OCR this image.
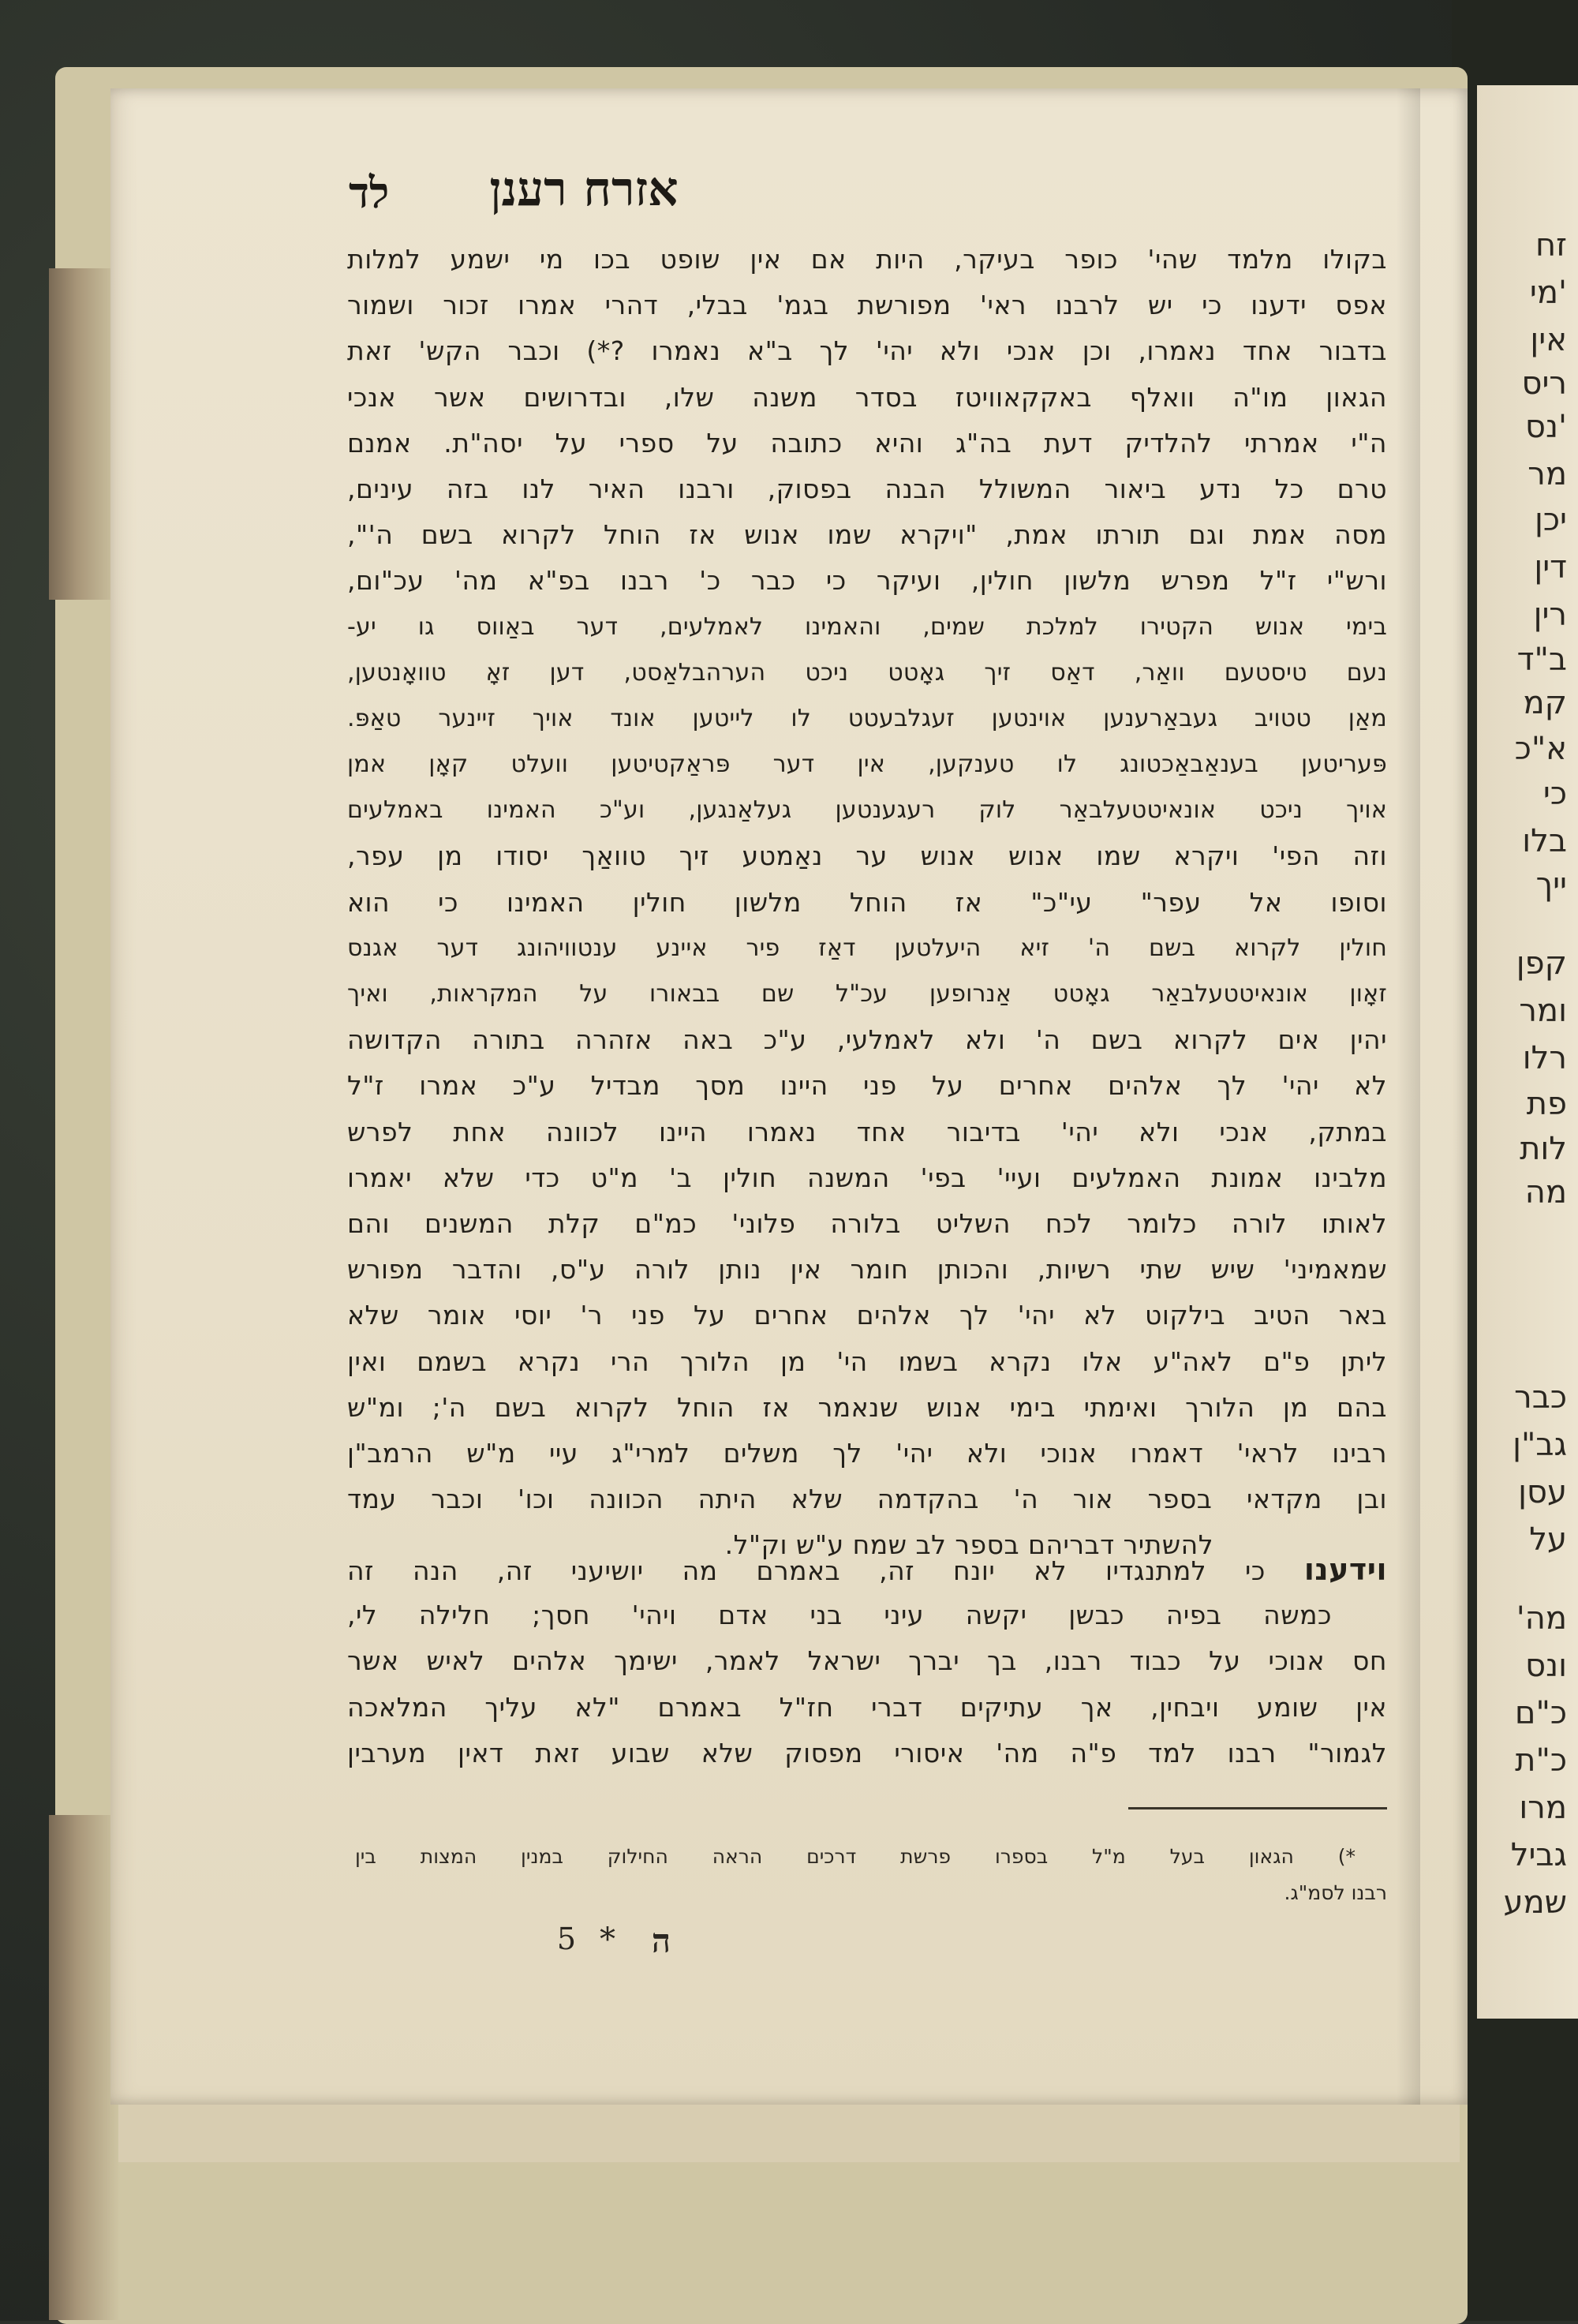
זח
'מי
אין
ריס
'נס
מר
יכן
דין
רין
ב"ד
קמ
א"כ
כי
בלו
ייך
קפן
ומר
רלו
פת
לות
מה
כבר
גב"ן
עסן
על
מה'
ונס
כ"ם
כ"ת
מרו
גביל
שמע
אזרח רענן
לד
בקולו מלמד שהי' כופר בעיקר, היות אם אין שופט בכו מי ישמע למלות
אפס ידענו כי יש לרבנו ראי' מפורשת בגמ' בבלי, דהרי אמרו זכור ושמור
בדבור אחד נאמרו, וכן אנכי ולא יהי' לך ב"א נאמרו ?*) וכבר הקש' זאת
הגאון מו"ה וואלף באקקאוויטז בסדר משנה שלו, ובדרושים אשר אנכי
ה"י אמרתי להלדיק דעת בה"ג והיא כתובה על ספרי על יסה"ת. אמנם
טרם כל נדע ביאור המשולל הבנה בפסוק, ורבנו האיר לנו בזה עינים,
מסה אמת וגם תורתו אמת, "ויקרא שמו אנוש אז הוחל לקרוא בשם ה'",
ורש"י ז"ל מפרש מלשון חולין, ועיקר כי כבר כ' רבנו בפ"א מה' עכ"ום,
בימי אנוש הקטירו למלכת שמים, והאמינו לאמלעים, דער באַווס גו יע-
נעם טיסטעם וואַר, דאַס זיך גאָטט ניכט הערהבלאַסט, דען זאָ טוואָנטען,
מאַן טטויב געבאַרענען אוינטען זעגלבעטט לו לייטען אונד אויך זיינער טאַפּ.
פּעריטען בענאַבאַכטונג לו טענקען, אין דער פּראַקטיטען וועלט קאָן אמן
אויך ניכט אונאיטטעלבאַר לוק רעגענטען געלאַנגען, וע"כ האמינו באמלעים
וזה הפי' ויקרא שמו אנוש אנוש ער נאַמטע זיך טוואַך יסודו מן עפר,
וסופו אל עפר" עי"כ" אז הוחל מלשון חולין האמינו כי הוא
חולין לקרוא בשם ה' זיא היעלטען דאַז פיר איינע ענטוויהונג דער אגנס
זאָון אונאיטטעלבאַר גאָטט אַנרופען עכ"ל שם בבאורו על המקראות, ואיך
יהין אים לקרוא בשם ה' ולא לאמלעי, ע"כ באה אזהרה בתורה הקדושה
לא יהי' לך אלהים אחרים על פני היינו מסך מבדיל ע"כ אמרו ז"ל
במתק, אנכי ולא יהי' בדיבור אחד נאמרו היינו לכוונה אחת לפרש
מלבינו אמונת האמלעים ועיי' בפי' המשנה חולין ב' מ"ט כדי שלא יאמרו
לאותו לורה כלומר לכח השליט בלורה פלוני' כמ"ם קלת המשנים והם
שמאמיני' שיש שתי רשיות, והכותן חומר אין נותן לורה ע"ס, והדבר מפורש
באר הטיב בילקוט לא יהי' לך אלהים אחרים על פני ר' יוסי אומר שלא
ליתן פ"ם לאה"ע אלו נקרא בשמו הי' מן הלורך הרי נקרא בשמם ואין
בהם מן הלורך ואימתי בימי אנוש שנאמר אז הוחל לקרוא בשם ה'; ומ"ש
רבינו לראי' דאמרו אנוכי ולא יהי' לך משלים למרי"ג עיי מ"ש הרמב"ן
ובן מקדאי בספר אור ה' בהקדמה שלא היתה הכוונה וכו' וכבר עמד
להשתיר דבריהם בספר לב שמח ע"ש וק"ל.
וידענו כי למתנגדיו לא יונח זה, באמרם מה יושיעני זה, הנה זה
כמשה בפיה כבשן יקשה עיני בני אדם ויהי' חסך; חלילה לי,
חס אנוכי על כבוד רבנו, בך יברך ישראל לאמר, ישימך אלהים לאיש אשר
אין שומע ויבחין, אך עתיקים דברי חז"ל באמרם "לא עליך המלאכה
לגמור" רבנו למד פ"ה מה' איסורי מפסוק שלא שבוע זאת דאין מערבין
*) הגאון בעל מ"ל בספרו פרשת דרכים הראה החילוק במנין המצות בין
רבנו לסמ"ג.
ה
*
5
